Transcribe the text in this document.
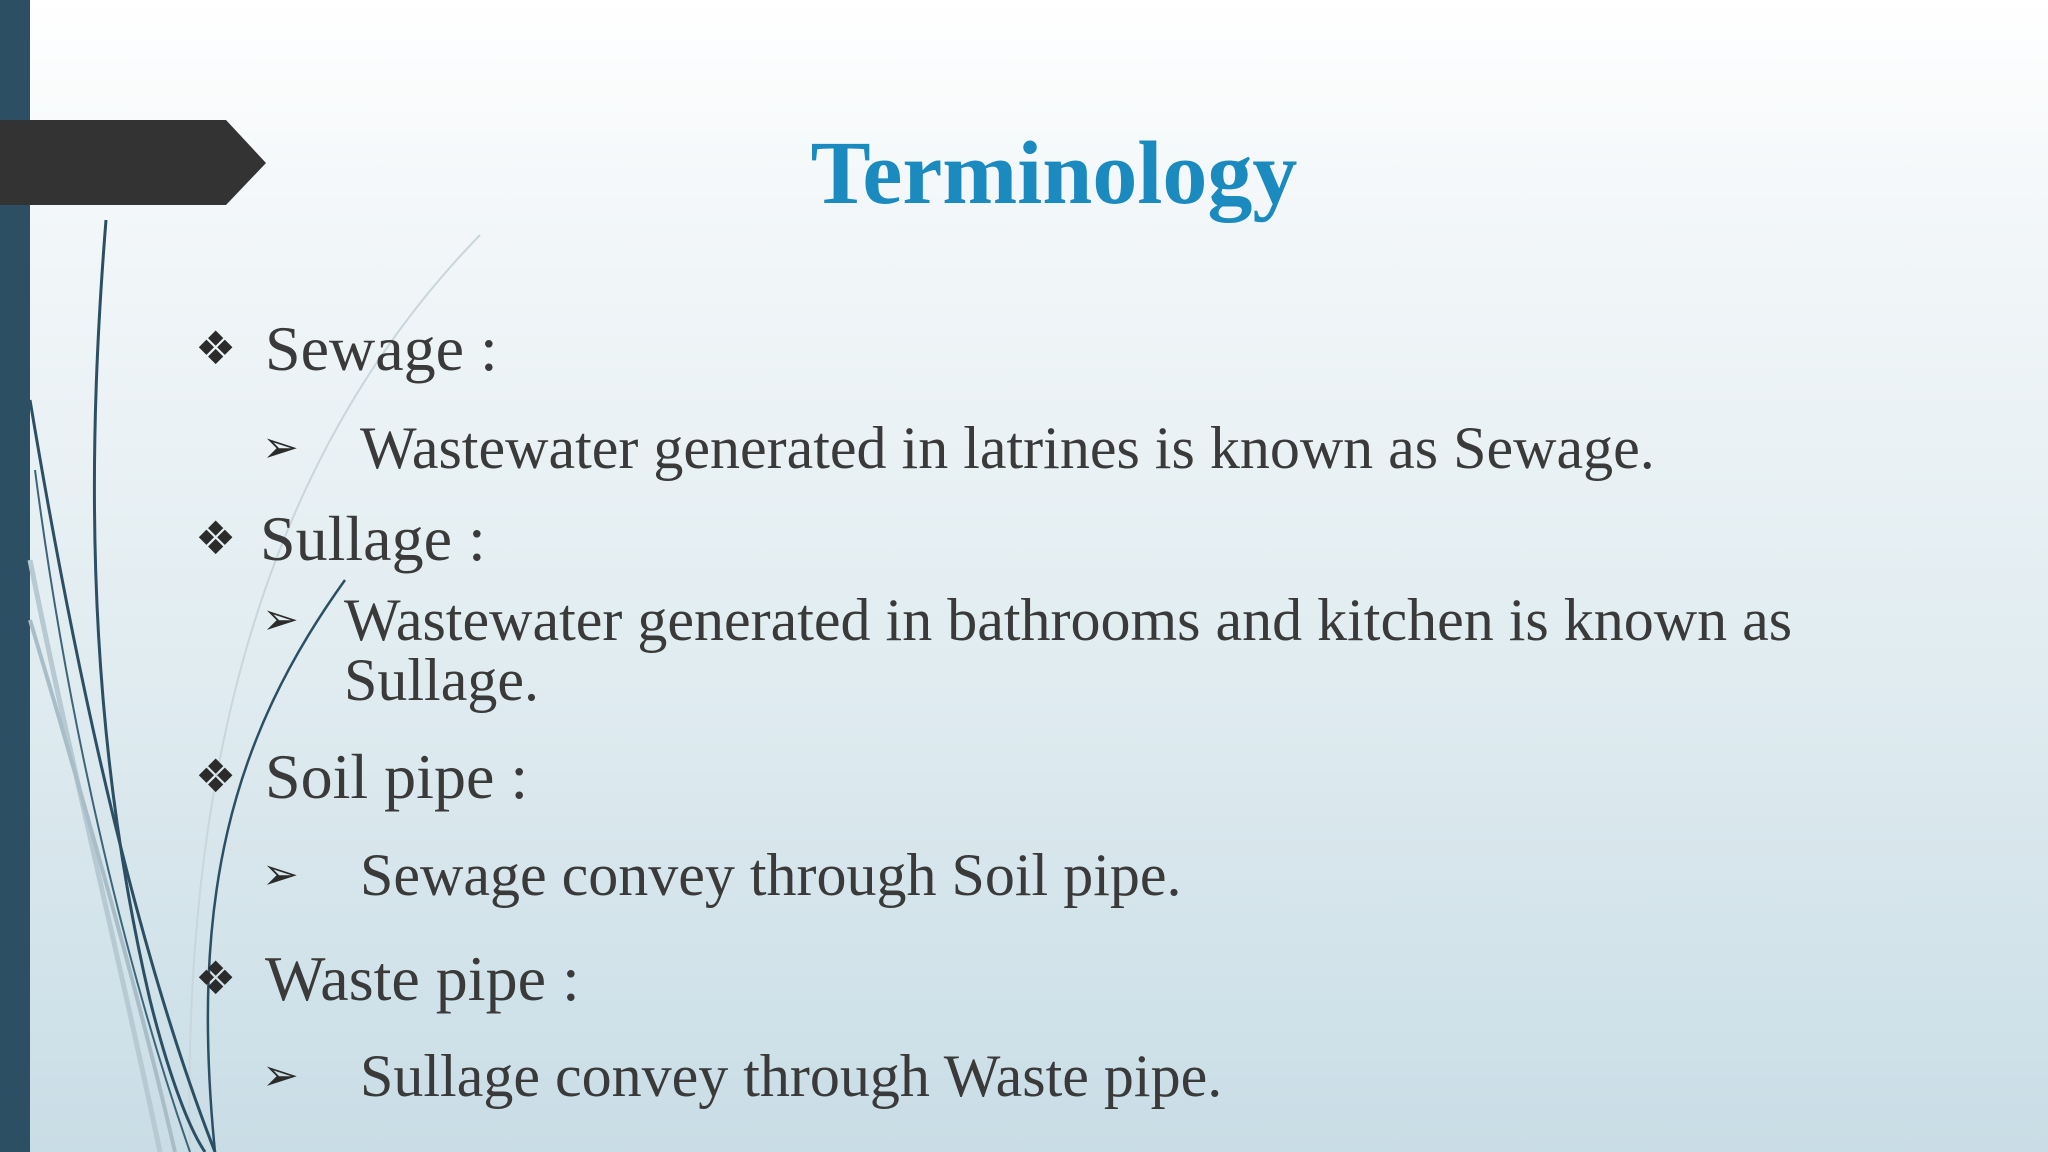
Terminology
❖ Sewage :
➢	Wastewater generated in latrines is known as Sewage.
❖ Sullage :
➢ Wastewater generated in bathrooms and kitchen is known as
Sullage.
❖ Soil pipe :
➢	Sewage convey through Soil pipe.
❖ Waste pipe :
➢	Sullage convey through Waste pipe.
